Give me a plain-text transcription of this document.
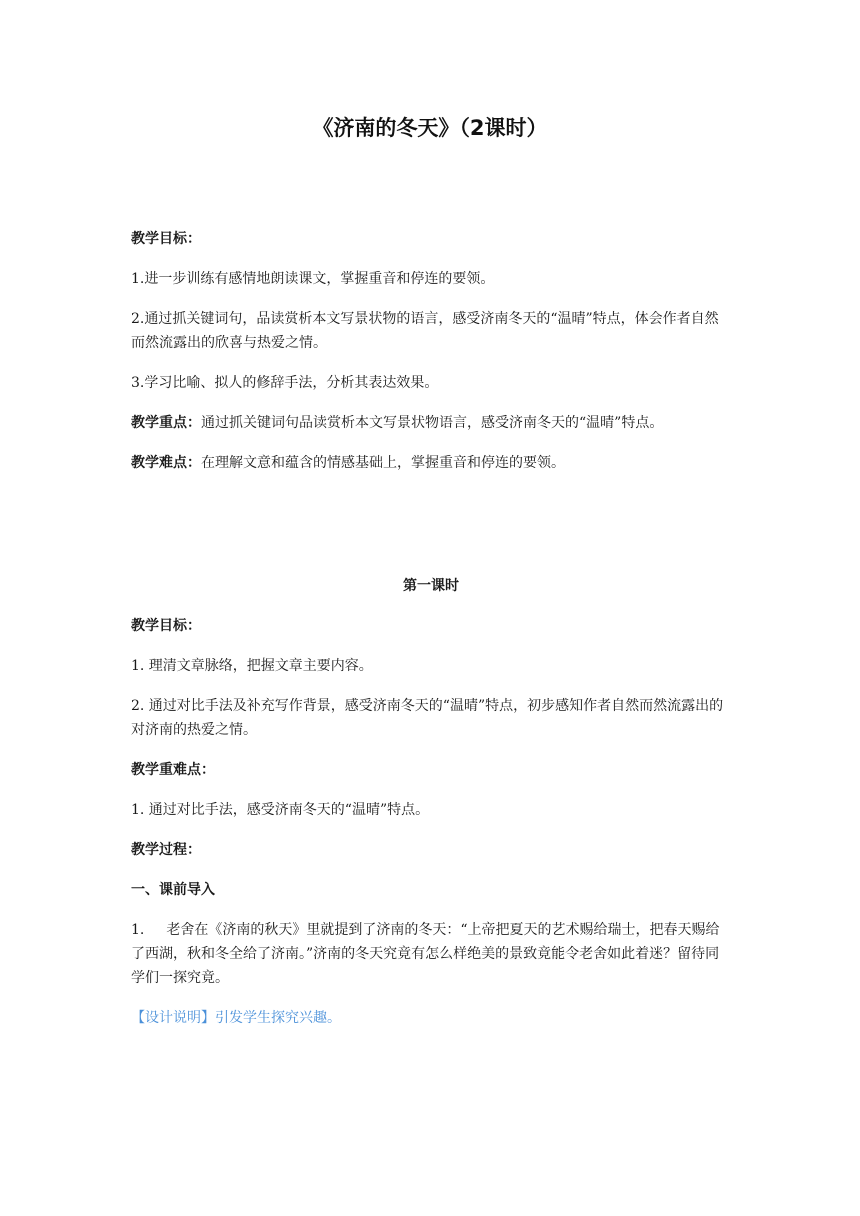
《济南的冬天》（2课时）

教学目标：

1.进一步训练有感情地朗读课文，掌握重音和停连的要领。

2.通过抓关键词句，品读赏析本文写景状物的语言，感受济南冬天的“温晴”特点，体会作者自然而然流露出的欣喜与热爱之情。

3.学习比喻、拟人的修辞手法，分析其表达效果。

教学重点：通过抓关键词句品读赏析本文写景状物语言，感受济南冬天的“温晴”特点。

教学难点：在理解文意和蕴含的情感基础上，掌握重音和停连的要领。

第一课时

教学目标：

1. 理清文章脉络，把握文章主要内容。

2. 通过对比手法及补充写作背景，感受济南冬天的“温晴”特点，初步感知作者自然而然流露出的对济南的热爱之情。

教学重难点：

1. 通过对比手法，感受济南冬天的“温晴”特点。

教学过程：

一、课前导入

1. 老舍在《济南的秋天》里就提到了济南的冬天：“上帝把夏天的艺术赐给瑞士，把春天赐给了西湖，秋和冬全给了济南。”济南的冬天究竟有怎么样绝美的景致竟能令老舍如此着迷？留待同学们一探究竟。

【设计说明】引发学生探究兴趣。
